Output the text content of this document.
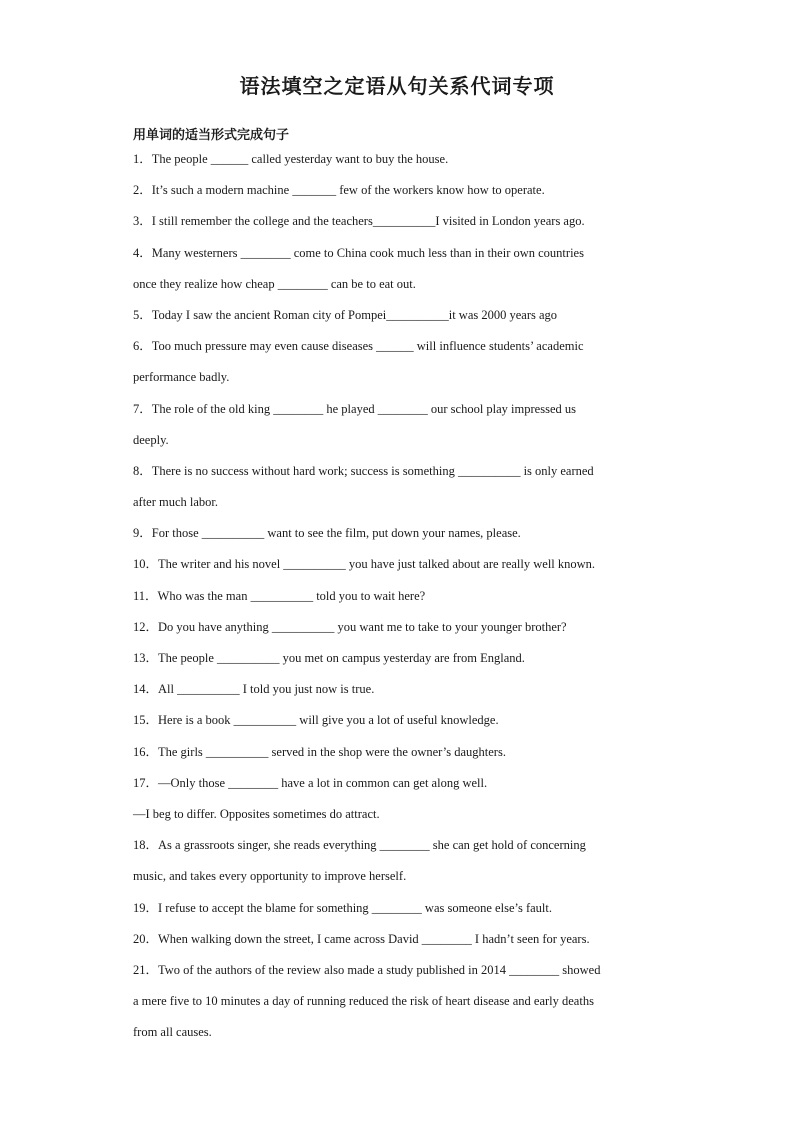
语法填空之定语从句关系代词专项
用单词的适当形式完成句子
1．The people ______ called yesterday want to buy the house.
2．It’s such a modern machine _______ few of the workers know how to operate.
3．I still remember the college and the teachers__________I visited in London years ago.
4．Many westerners ________ come to China cook much less than in their own countries
once they realize how cheap ________ can be to eat out.
5．Today I saw the ancient Roman city of Pompei__________it was 2000 years ago
6．Too much pressure may even cause diseases ______ will influence students’ academic
performance badly.
7．The role of the old king ________ he played ________ our school play impressed us
deeply.
8．There is no success without hard work; success is something __________ is only earned
after much labor.
9．For those __________ want to see the film, put down your names, please.
10．The writer and his novel __________ you have just talked about are really well known.
11．Who was the man __________ told you to wait here?
12．Do you have anything __________ you want me to take to your younger brother?
13．The people __________ you met on campus yesterday are from England.
14．All __________ I told you just now is true.
15．Here is a book __________ will give you a lot of useful knowledge.
16．The girls __________ served in the shop were the owner’s daughters.
17．—Only those ________ have a lot in common can get along well.
—I beg to differ. Opposites sometimes do attract.
18．As a grassroots singer, she reads everything ________ she can get hold of concerning
music, and takes every opportunity to improve herself.
19．I refuse to accept the blame for something ________ was someone else’s fault.
20．When walking down the street, I came across David ________ I hadn’t seen for years.
21．Two of the authors of the review also made a study published in 2014 ________ showed
a mere five to 10 minutes a day of running reduced the risk of heart disease and early deaths
from all causes.
